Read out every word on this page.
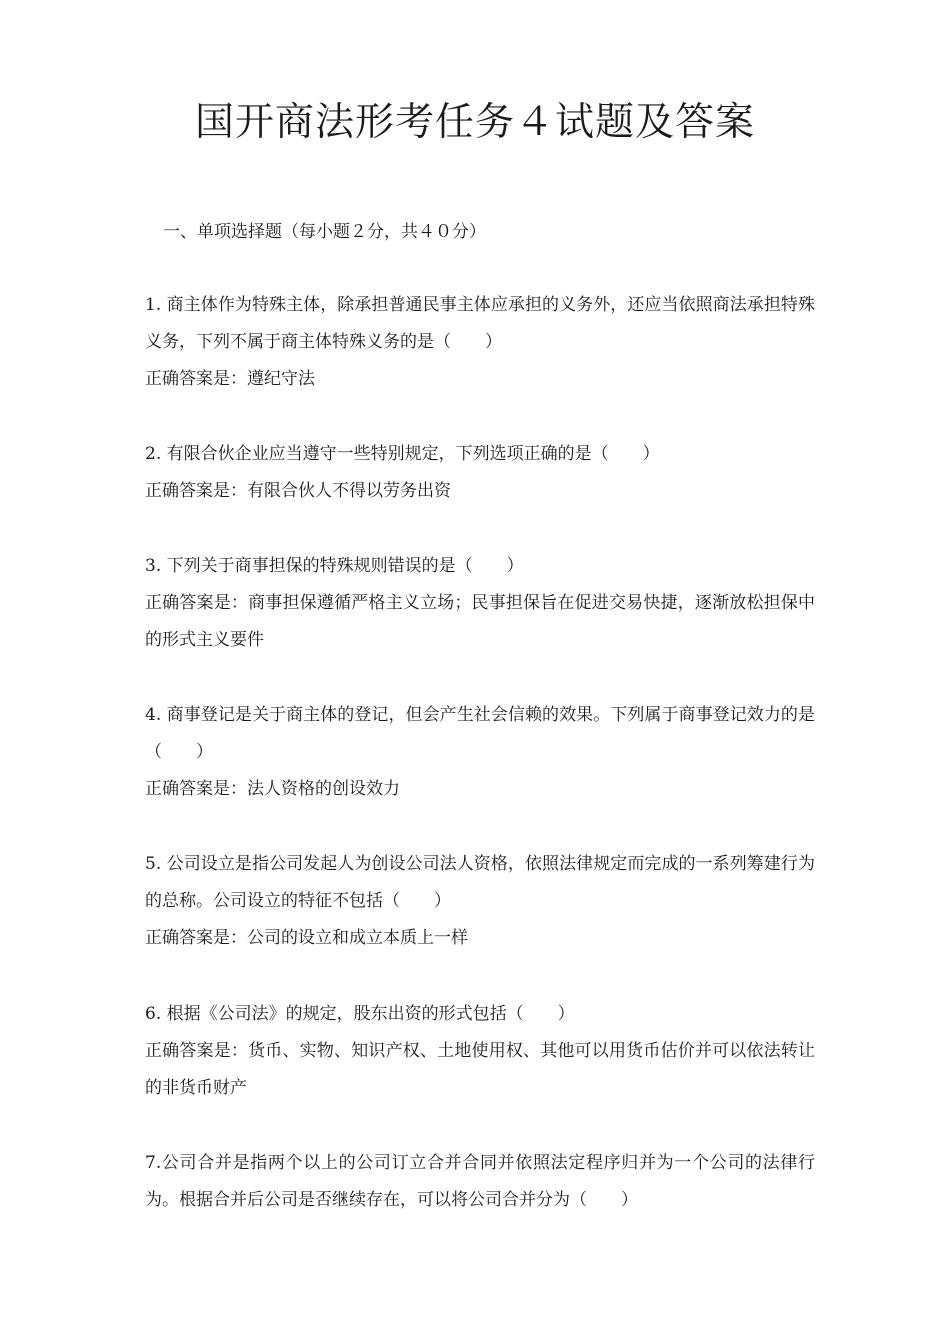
国开商法形考任务４试题及答案
一、单项选择题（每小题２分，共４０分）

1. 商主体作为特殊主体，除承担普通民事主体应承担的义务外，还应当依照商法承担特殊义务，下列不属于商主体特殊义务的是（　　）

正确答案是：遵纪守法

2. 有限合伙企业应当遵守一些特别规定，下列选项正确的是（　　）

正确答案是：有限合伙人不得以劳务出资

3. 下列关于商事担保的特殊规则错误的是（　　）

正确答案是：商事担保遵循严格主义立场；民事担保旨在促进交易快捷，逐渐放松担保中的形式主义要件

4. 商事登记是关于商主体的登记，但会产生社会信赖的效果。下列属于商事登记效力的是（　　）

正确答案是：法人资格的创设效力

5. 公司设立是指公司发起人为创设公司法人资格，依照法律规定而完成的一系列筹建行为的总称。公司设立的特征不包括（　　）

正确答案是：公司的设立和成立本质上一样

6. 根据《公司法》的规定，股东出资的形式包括（　　）

正确答案是：货币、实物、知识产权、土地使用权、其他可以用货币估价并可以依法转让的非货币财产

7.公司合并是指两个以上的公司订立合并合同并依照法定程序归并为一个公司的法律行为。根据合并后公司是否继续存在，可以将公司合并分为（　　）
